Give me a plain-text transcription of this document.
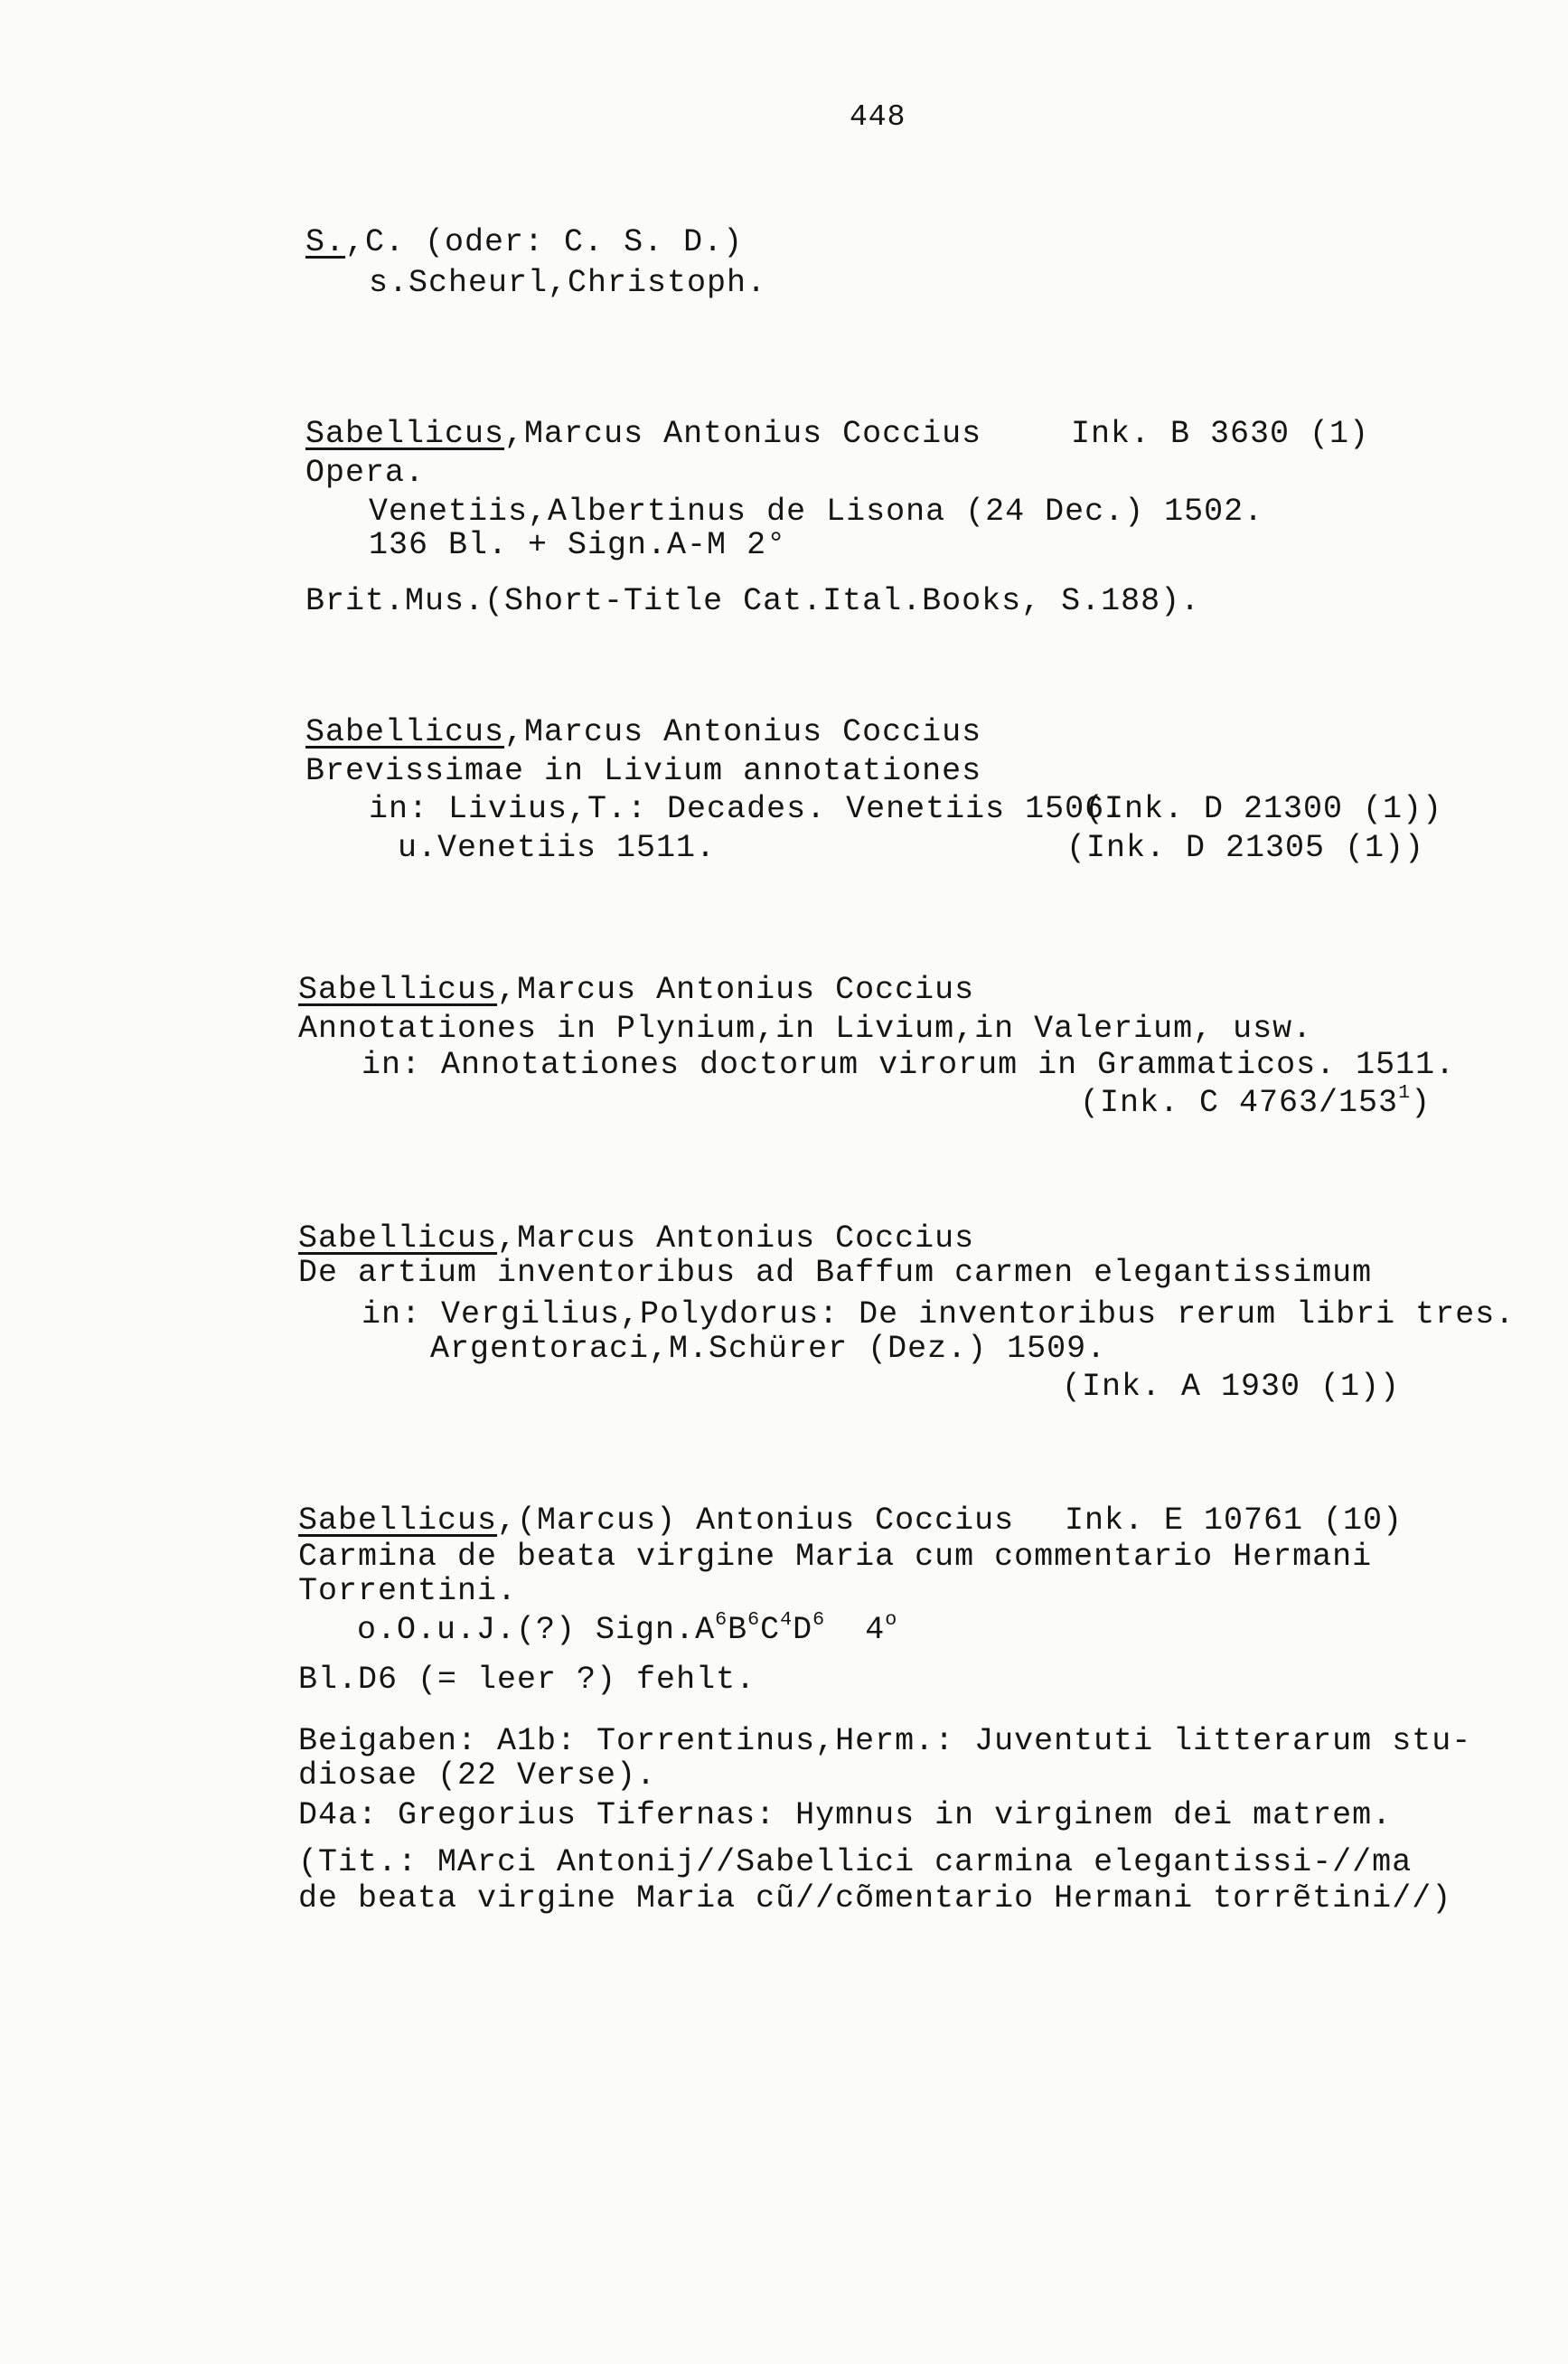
448
S.,C. (oder: C. S. D.)
s.Scheurl,Christoph.
Sabellicus,Marcus Antonius Coccius	Ink. B 3630 (1)
Opera.
Venetiis,Albertinus de Lisona (24 Dec.) 1502.
136 Bl. + Sign.A-M 2°
Brit.Mus.(Short-Title Cat.Ital.Books, S.188).
Sabellicus,Marcus Antonius Coccius
Brevissimae in Livium annotationes
in: Livius,T.: Decades. Venetiis 1506.
(Ink. D 21300 (1))
u.Venetiis 1511.	(Ink. D 21305 (1))
Sabellicus,Marcus Antonius Coccius
Annotationes in Plynium,in Livium,in Valerium, usw.
in: Annotationes doctorum virorum in Grammaticos. 1511.
(Ink. C $4763/153^1$)
Sabellicus,Marcus Antonius Coccius
De artium inventoribus ad Baffum carmen elegantissimum
in: Vergilius,Polydorus: De inventoribus rerum libri tres.
Argentoraci,M.Schürer (Dez.) 1509.
(Ink. A 1930 (1))
Sabellicus,(Marcus) Antonius Coccius Ink. E 10761 (10)
Carmina de beata virgine Maria cum commentario Hermani
Torrentini.
o.O.u.J.(?) $Sign.A^6B^6C^4D^6$ 4$^o$
Bl.D6 (= leer ?) fehlt.
Beigaben: A1b: Torrentinus,Herm.: Juventuti litterarum stu-
diosae (22 Verse).
D4a: Gregorius Tifernas: Hymnus in virginem dei matrem.
(Tit.: MArci Antonij//Sabellici carmina elegantissi-//ma
de beata virgine Maria cũ//cõmentario Hermani torrẽtini//)
